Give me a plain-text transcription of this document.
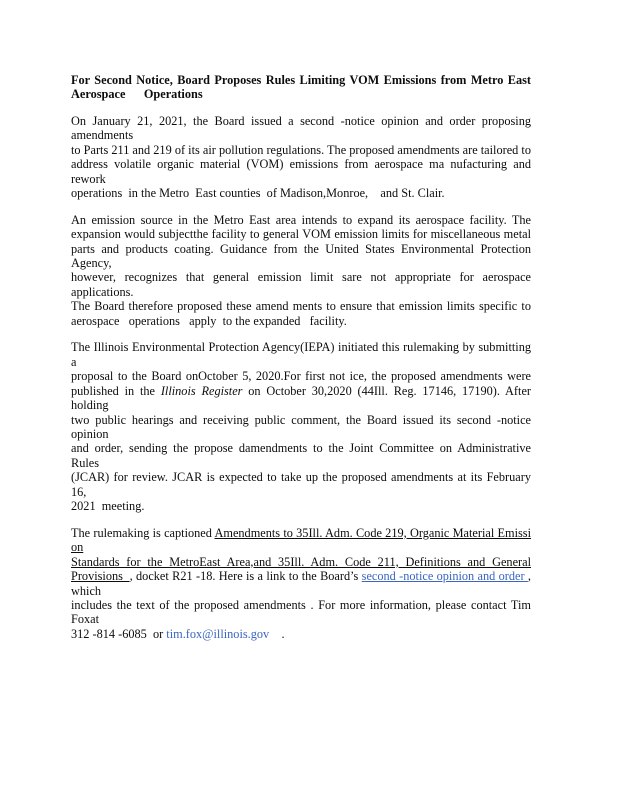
For Second Notice, Board Proposes Rules Limiting VOM Emissions from Metro East
Aerospace      Operations
On January 21, 2021, the Board issued a second -notice opinion and order proposing amendments
to Parts 211 and 219 of its air pollution regulations. The proposed amendments are tailored to
address volatile organic material (VOM) emissions from aerospace ma nufacturing and rework
operations  in the Metro  East counties  of Madison,Monroe,    and St. Clair.
An emission source in the Metro East area intends to expand its aerospace facility. The
expansion would subjectthe facility to general VOM emission limits for miscellaneous metal
parts and products coating. Guidance from the United States Environmental Protection Agency,
however, recognizes that general emission limit sare not appropriate for aerospace applications.
The Board therefore proposed these amend ments to ensure that emission limits specific to
aerospace   operations   apply  to the expanded   facility.
The Illinois Environmental Protection Agency(IEPA) initiated this rulemaking by submitting a
proposal to the Board onOctober 5, 2020.For first not ice, the proposed amendments were
published in the Illinois Register on October 30,2020 (44Ill. Reg. 17146, 17190). After holding
two public hearings and receiving public comment, the Board issued its second -notice opinion
and order, sending the propose damendments to the Joint Committee on Administrative Rules
(JCAR) for review. JCAR is expected to take up the proposed amendments at its February 16,
2021  meeting.
The rulemaking is captioned Amendments to 35Ill. Adm. Code 219, Organic Material Emissi on
Standards for the MetroEast Area,and 35Ill. Adm. Code 211, Definitions and General
Provisions  , docket R21 -18. Here is a link to the Board’s second -notice opinion and order , which
includes the text of the proposed amendments . For more information, please contact Tim Foxat
312 -814 -6085  or tim.fox@illinois.gov    .
